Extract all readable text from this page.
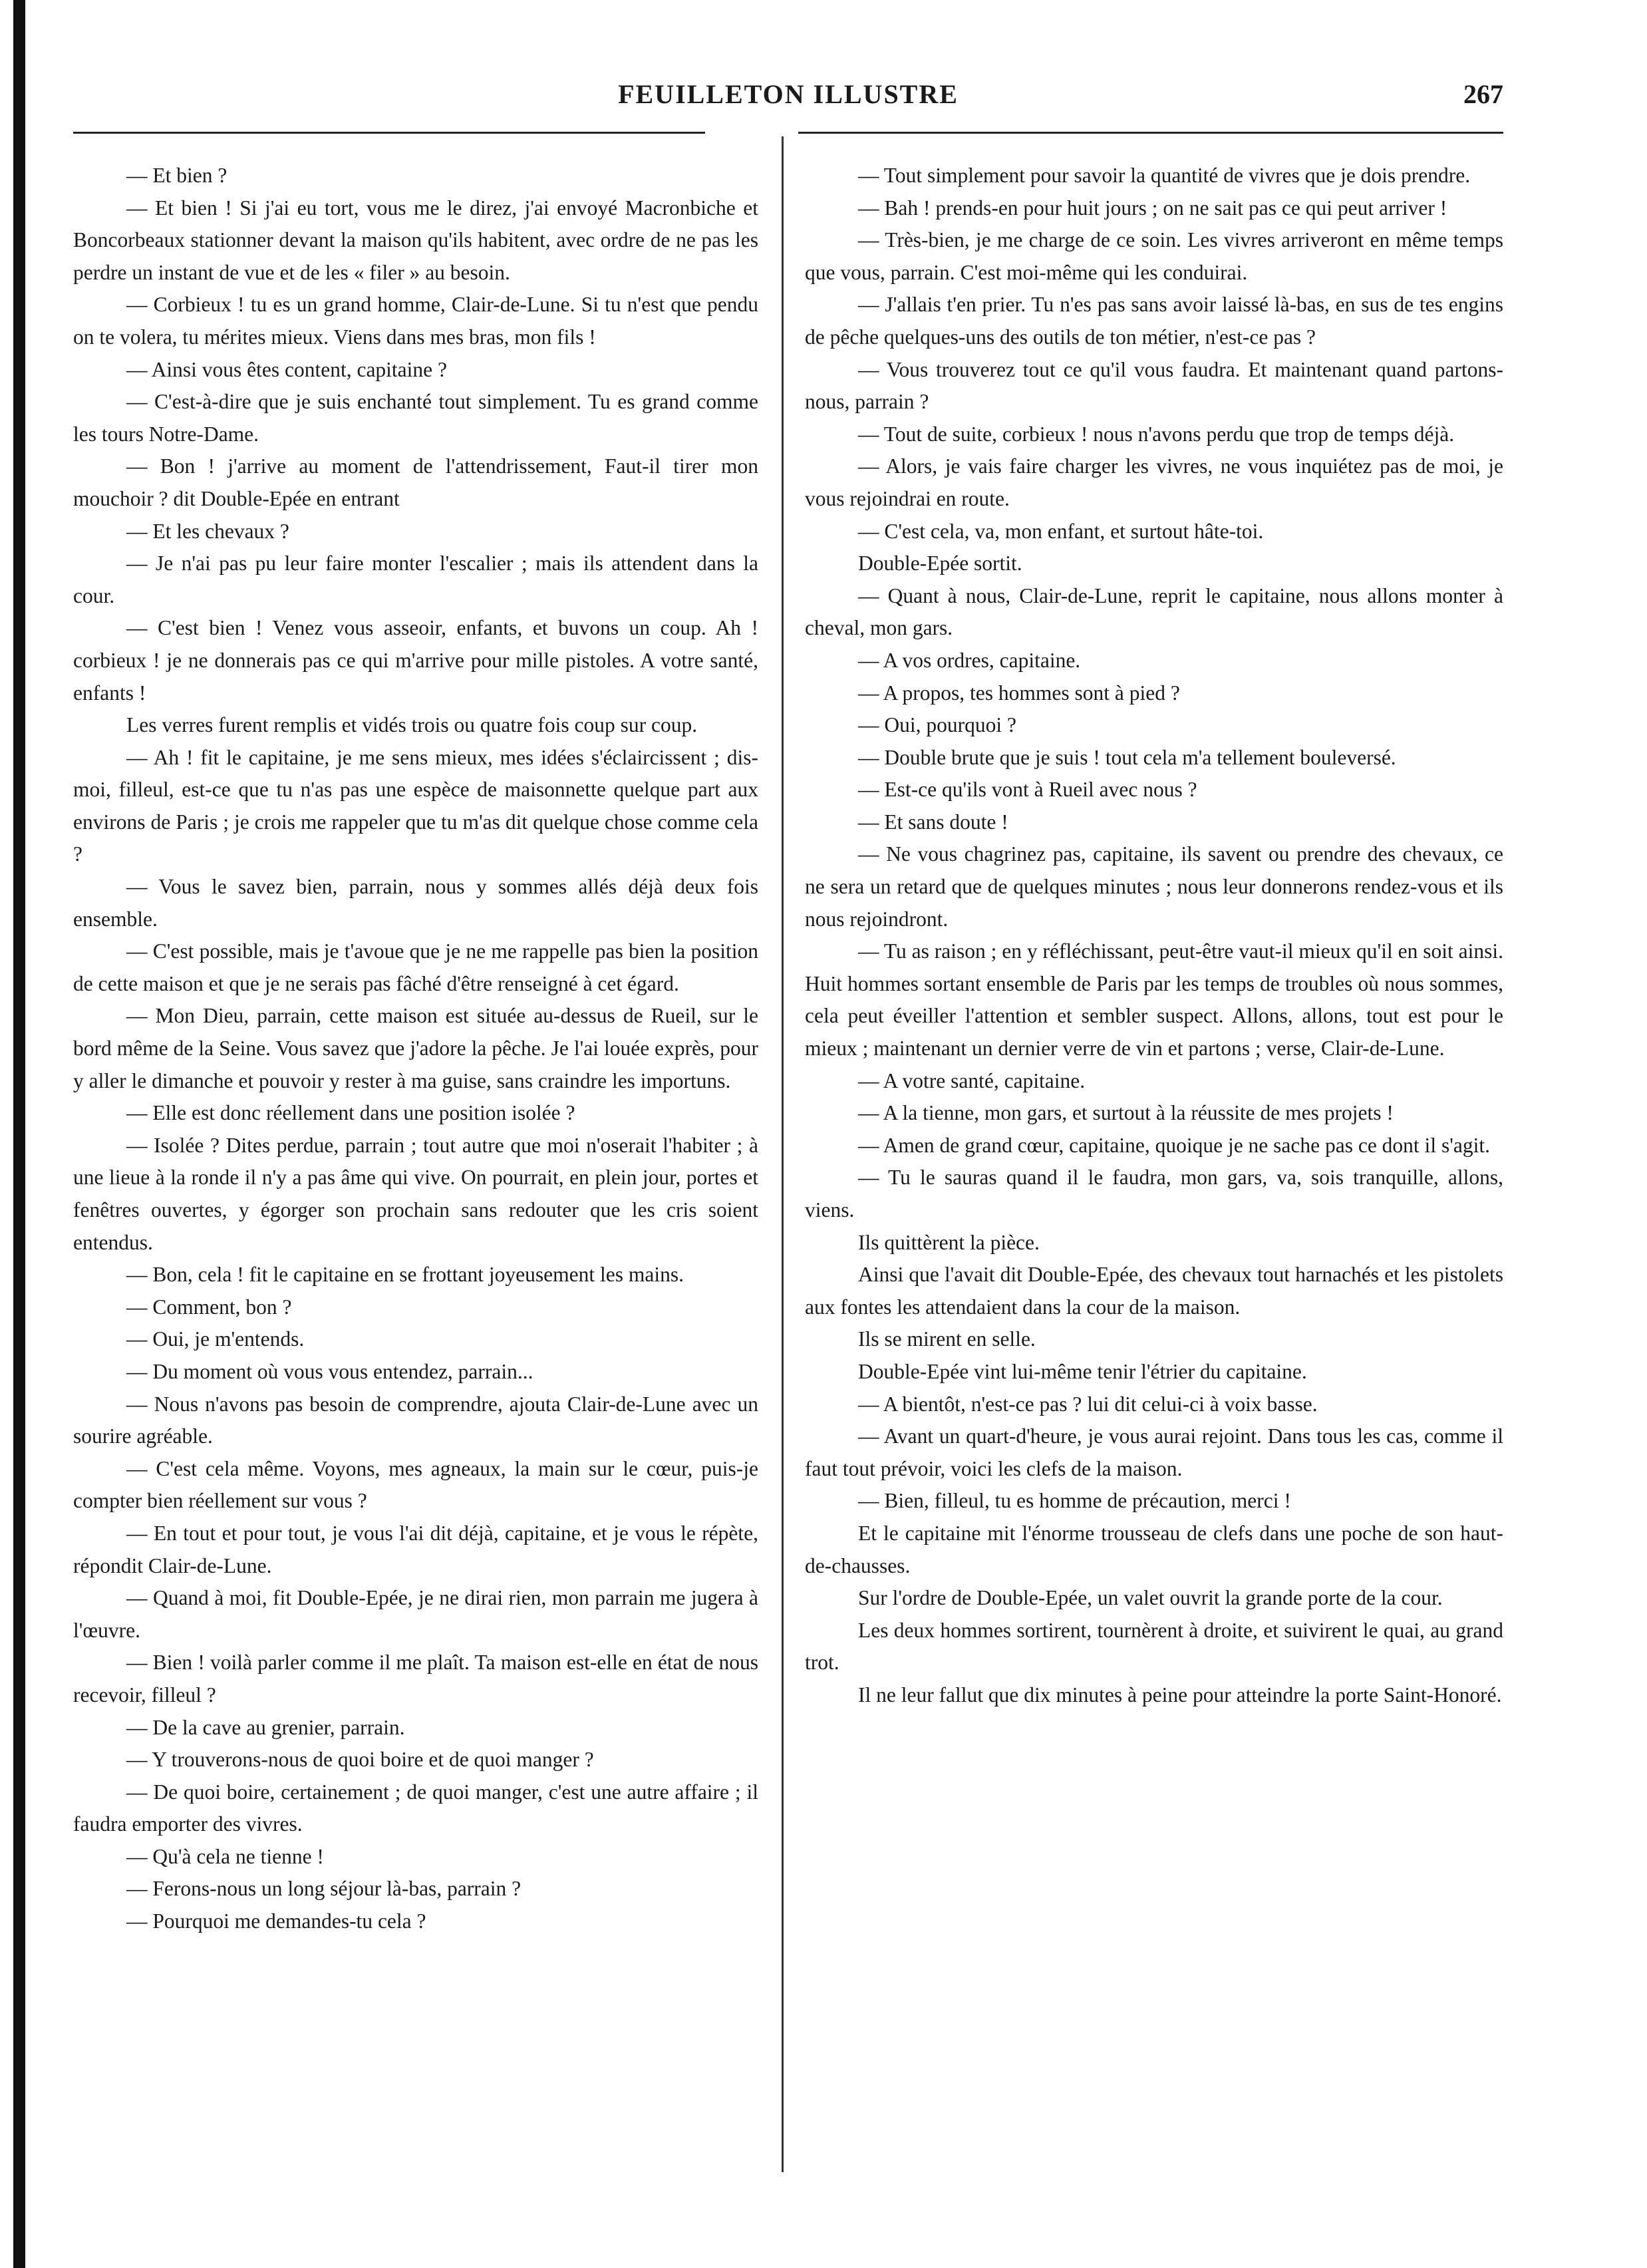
FEUILLETON ILLUSTRE	267

— Et bien ?

— Et bien ! Si j'ai eu tort, vous me le direz, j'ai envoyé Macronbiche et Boncorbeaux stationner devant la maison qu'ils habitent, avec ordre de ne pas les perdre un instant de vue et de les « filer » au besoin.

— Corbieux ! tu es un grand homme, Clair-de-Lune. Si tu n'est que pendu on te volera, tu mérites mieux. Viens dans mes bras, mon fils !

— Ainsi vous êtes content, capitaine ?

— C'est-à-dire que je suis enchanté tout simplement. Tu es grand comme les tours Notre-Dame.

— Bon ! j'arrive au moment de l'attendrissement, Faut-il tirer mon mouchoir ? dit Double-Epée en entrant

— Et les chevaux ?

— Je n'ai pas pu leur faire monter l'escalier ; mais ils attendent dans la cour.

— C'est bien ! Venez vous asseoir, enfants, et buvons un coup. Ah ! corbieux ! je ne donnerais pas ce qui m'arrive pour mille pistoles. A votre santé, enfants !

Les verres furent remplis et vidés trois ou quatre fois coup sur coup.

— Ah ! fit le capitaine, je me sens mieux, mes idées s'éclaircissent ; dis-moi, filleul, est-ce que tu n'as pas une espèce de maisonnette quelque part aux environs de Paris ; je crois me rappeler que tu m'as dit quelque chose comme cela ?

— Vous le savez bien, parrain, nous y sommes allés déjà deux fois ensemble.

— C'est possible, mais je t'avoue que je ne me rappelle pas bien la position de cette maison et que je ne serais pas fâché d'être renseigné à cet égard.

— Mon Dieu, parrain, cette maison est située au-dessus de Rueil, sur le bord même de la Seine. Vous savez que j'adore la pêche. Je l'ai louée exprès, pour y aller le dimanche et pouvoir y rester à ma guise, sans craindre les importuns.

— Elle est donc réellement dans une position isolée ?

— Isolée ? Dites perdue, parrain ; tout autre que moi n'oserait l'habiter ; à une lieue à la ronde il n'y a pas âme qui vive. On pourrait, en plein jour, portes et fenêtres ouvertes, y égorger son prochain sans redouter que les cris soient entendus.

— Bon, cela ! fit le capitaine en se frottant joyeusement les mains.

— Comment, bon ?

— Oui, je m'entends.

— Du moment où vous vous entendez, parrain...

— Nous n'avons pas besoin de comprendre, ajouta Clair-de-Lune avec un sourire agréable.

— C'est cela même. Voyons, mes agneaux, la main sur le cœur, puis-je compter bien réellement sur vous ?

— En tout et pour tout, je vous l'ai dit déjà, capitaine, et je vous le répète, répondit Clair-de-Lune.

— Quand à moi, fit Double-Epée, je ne dirai rien, mon parrain me jugera à l'œuvre.

— Bien ! voilà parler comme il me plaît. Ta maison est-elle en état de nous recevoir, filleul ?

— De la cave au grenier, parrain.

— Y trouverons-nous de quoi boire et de quoi manger ?

— De quoi boire, certainement ; de quoi manger, c'est une autre affaire ; il faudra emporter des vivres.

— Qu'à cela ne tienne !

— Ferons-nous un long séjour là-bas, parrain ?

— Pourquoi me demandes-tu cela ?

— Tout simplement pour savoir la quantité de vivres que je dois prendre.

— Bah ! prends-en pour huit jours ; on ne sait pas ce qui peut arriver !

— Très-bien, je me charge de ce soin. Les vivres arriveront en même temps que vous, parrain. C'est moi-même qui les conduirai.

— J'allais t'en prier. Tu n'es pas sans avoir laissé là-bas, en sus de tes engins de pêche quelques-uns des outils de ton métier, n'est-ce pas ?

— Vous trouverez tout ce qu'il vous faudra. Et maintenant quand partons-nous, parrain ?

— Tout de suite, corbieux ! nous n'avons perdu que trop de temps déjà.

— Alors, je vais faire charger les vivres, ne vous inquiétez pas de moi, je vous rejoindrai en route.

— C'est cela, va, mon enfant, et surtout hâte-toi.

Double-Epée sortit.

— Quant à nous, Clair-de-Lune, reprit le capitaine, nous allons monter à cheval, mon gars.

— A vos ordres, capitaine.

— A propos, tes hommes sont à pied ?

— Oui, pourquoi ?

— Double brute que je suis ! tout cela m'a tellement bouleversé.

— Est-ce qu'ils vont à Rueil avec nous ?

— Et sans doute !

— Ne vous chagrinez pas, capitaine, ils savent ou prendre des chevaux, ce ne sera un retard que de quelques minutes ; nous leur donnerons rendez-vous et ils nous rejoindront.

— Tu as raison ; en y réfléchissant, peut-être vaut-il mieux qu'il en soit ainsi. Huit hommes sortant ensemble de Paris par les temps de troubles où nous sommes, cela peut éveiller l'attention et sembler suspect. Allons, allons, tout est pour le mieux ; maintenant un dernier verre de vin et partons ; verse, Clair-de-Lune.

— A votre santé, capitaine.

— A la tienne, mon gars, et surtout à la réussite de mes projets !

— Amen de grand cœur, capitaine, quoique je ne sache pas ce dont il s'agit.

— Tu le sauras quand il le faudra, mon gars, va, sois tranquille, allons, viens.

Ils quittèrent la pièce.

Ainsi que l'avait dit Double-Epée, des chevaux tout harnachés et les pistolets aux fontes les attendaient dans la cour de la maison.

Ils se mirent en selle.

Double-Epée vint lui-même tenir l'étrier du capitaine.

— A bientôt, n'est-ce pas ? lui dit celui-ci à voix basse.

— Avant un quart-d'heure, je vous aurai rejoint. Dans tous les cas, comme il faut tout prévoir, voici les clefs de la maison.

— Bien, filleul, tu es homme de précaution, merci !

Et le capitaine mit l'énorme trousseau de clefs dans une poche de son haut-de-chausses.

Sur l'ordre de Double-Epée, un valet ouvrit la grande porte de la cour.

Les deux hommes sortirent, tournèrent à droite, et suivirent le quai, au grand trot.

Il ne leur fallut que dix minutes à peine pour atteindre la porte Saint-Honoré.
